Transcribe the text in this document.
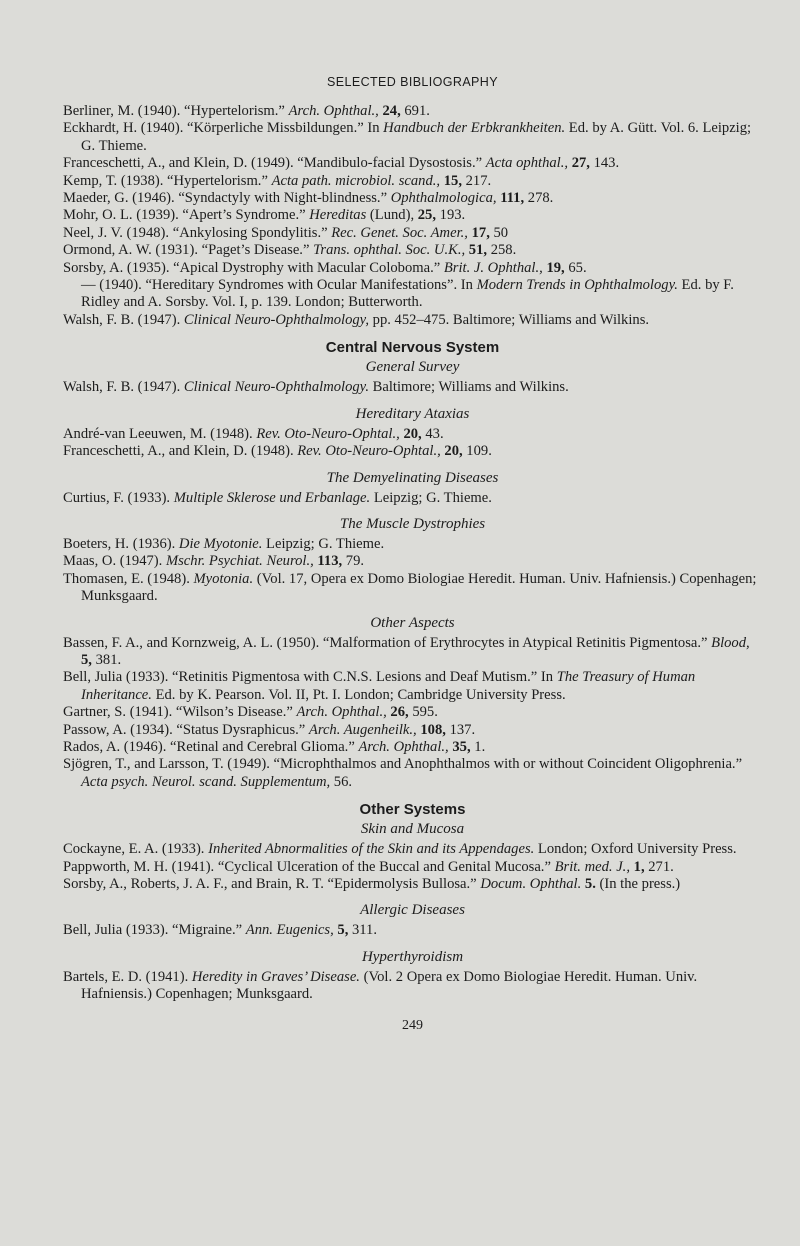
SELECTED BIBLIOGRAPHY

Berliner, M. (1940). “Hypertelorism.” Arch. Ophthal., 24, 691.

Eckhardt, H. (1940). “Körperliche Missbildungen.” In Handbuch der Erbkrankheiten. Ed. by A. Gütt. Vol. 6. Leipzig; G. Thieme.

Franceschetti, A., and Klein, D. (1949). “Mandibulo-facial Dysostosis.” Acta ophthal., 27, 143.

Kemp, T. (1938). “Hypertelorism.” Acta path. microbiol. scand., 15, 217.

Maeder, G. (1946). “Syndactyly with Night-blindness.” Ophthalmologica, 111, 278.

Mohr, O. L. (1939). “Apert’s Syndrome.” Hereditas (Lund), 25, 193.

Neel, J. V. (1948). “Ankylosing Spondylitis.” Rec. Genet. Soc. Amer., 17, 50

Ormond, A. W. (1931). “Paget’s Disease.” Trans. ophthal. Soc. U.K., 51, 258.

Sorsby, A. (1935). “Apical Dystrophy with Macular Coloboma.” Brit. J. Ophthal., 19, 65.

— (1940). “Hereditary Syndromes with Ocular Manifestations”. In Modern Trends in Ophthalmology. Ed. by F. Ridley and A. Sorsby. Vol. I, p. 139. London; Butterworth.

Walsh, F. B. (1947). Clinical Neuro-Ophthalmology, pp. 452–475. Baltimore; Williams and Wilkins.

Central Nervous System
General Survey

Walsh, F. B. (1947). Clinical Neuro-Ophthalmology. Baltimore; Williams and Wilkins.

Hereditary Ataxias

André-van Leeuwen, M. (1948). Rev. Oto-Neuro-Ophtal., 20, 43.

Franceschetti, A., and Klein, D. (1948). Rev. Oto-Neuro-Ophtal., 20, 109.

The Demyelinating Diseases

Curtius, F. (1933). Multiple Sklerose und Erbanlage. Leipzig; G. Thieme.

The Muscle Dystrophies

Boeters, H. (1936). Die Myotonie. Leipzig; G. Thieme.

Maas, O. (1947). Mschr. Psychiat. Neurol., 113, 79.

Thomasen, E. (1948). Myotonia. (Vol. 17, Opera ex Domo Biologiae Heredit. Human. Univ. Hafniensis.) Copenhagen; Munksgaard.

Other Aspects

Bassen, F. A., and Kornzweig, A. L. (1950). “Malformation of Erythrocytes in Atypical Retinitis Pigmentosa.” Blood, 5, 381.

Bell, Julia (1933). “Retinitis Pigmentosa with C.N.S. Lesions and Deaf Mutism.” In The Treasury of Human Inheritance. Ed. by K. Pearson. Vol. II, Pt. I. London; Cambridge University Press.

Gartner, S. (1941). “Wilson’s Disease.” Arch. Ophthal., 26, 595.

Passow, A. (1934). “Status Dysraphicus.” Arch. Augenheilk., 108, 137.

Rados, A. (1946). “Retinal and Cerebral Glioma.” Arch. Ophthal., 35, 1.

Sjögren, T., and Larsson, T. (1949). “Microphthalmos and Anophthalmos with or without Coincident Oligophrenia.” Acta psych. Neurol. scand. Supplementum, 56.

Other Systems
Skin and Mucosa

Cockayne, E. A. (1933). Inherited Abnormalities of the Skin and its Appendages. London; Oxford University Press.

Pappworth, M. H. (1941). “Cyclical Ulceration of the Buccal and Genital Mucosa.” Brit. med. J., 1, 271.

Sorsby, A., Roberts, J. A. F., and Brain, R. T. “Epidermolysis Bullosa.” Docum. Ophthal. 5. (In the press.)

Allergic Diseases

Bell, Julia (1933). “Migraine.” Ann. Eugenics, 5, 311.

Hyperthyroidism

Bartels, E. D. (1941). Heredity in Graves’ Disease. (Vol. 2 Opera ex Domo Biologiae Heredit. Human. Univ. Hafniensis.) Copenhagen; Munksgaard.

249
